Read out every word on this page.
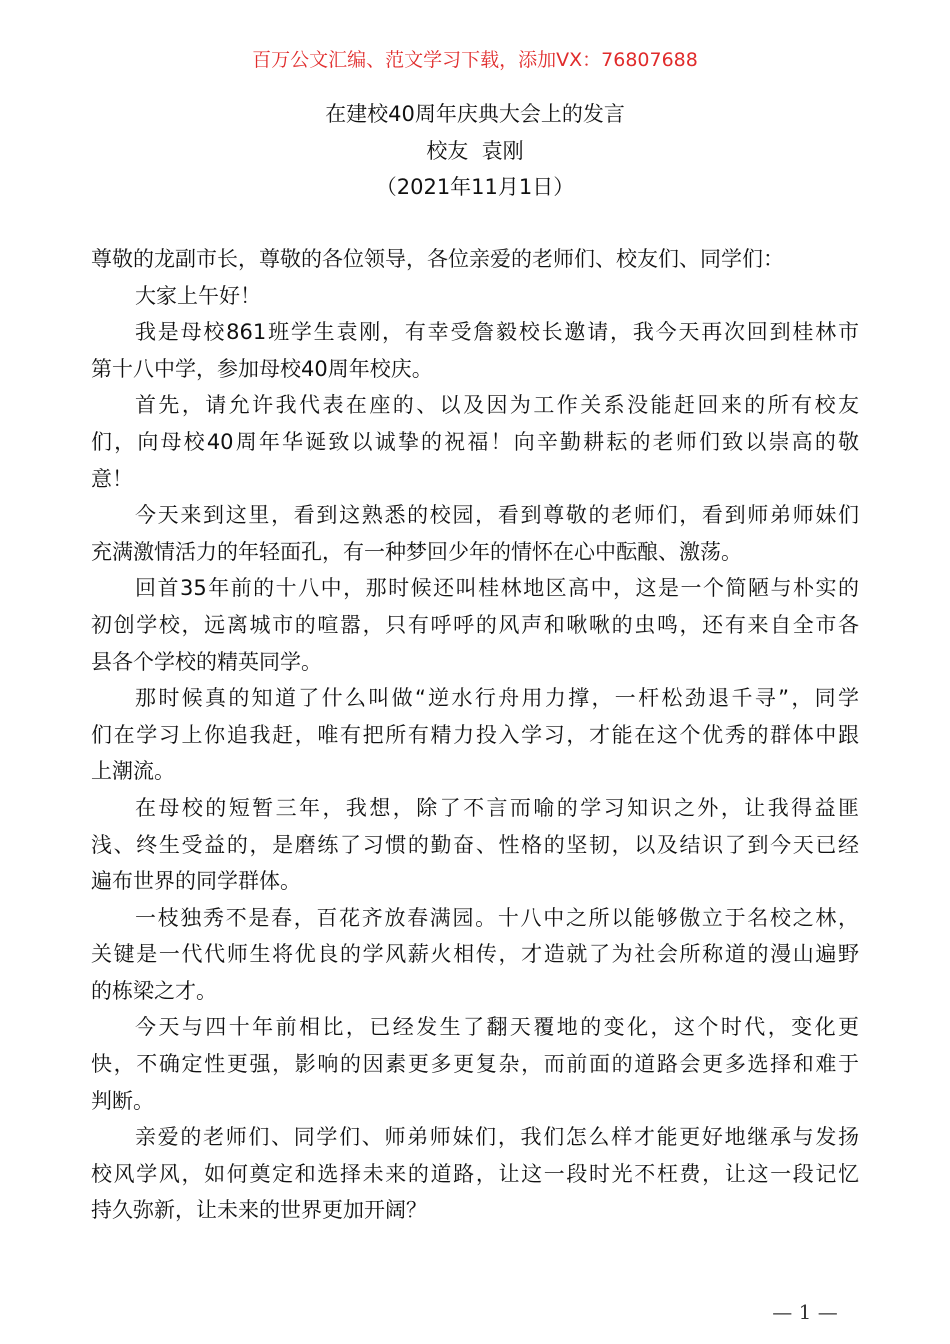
百万公文汇编、范文学习下载，添加VX：76807688
在建校40周年庆典大会上的发言
校友  袁刚
（2021年11月1日）
尊敬的龙副市长，尊敬的各位领导，各位亲爱的老师们、校友们、同学们：
大家上午好！
我是母校861班学生袁刚，有幸受詹毅校长邀请，我今天再次回到桂林市
第十八中学，参加母校40周年校庆。
首先，请允许我代表在座的、以及因为工作关系没能赶回来的所有校友
们，向母校40周年华诞致以诚挚的祝福！向辛勤耕耘的老师们致以崇高的敬
意！
今天来到这里，看到这熟悉的校园，看到尊敬的老师们，看到师弟师妹们
充满激情活力的年轻面孔，有一种梦回少年的情怀在心中酝酿、激荡。
回首35年前的十八中，那时候还叫桂林地区高中，这是一个简陋与朴实的
初创学校，远离城市的喧嚣，只有呼呼的风声和啾啾的虫鸣，还有来自全市各
县各个学校的精英同学。
那时候真的知道了什么叫做“逆水行舟用力撑，一杆松劲退千寻”，同学
们在学习上你追我赶，唯有把所有精力投入学习，才能在这个优秀的群体中跟
上潮流。
在母校的短暂三年，我想，除了不言而喻的学习知识之外，让我得益匪
浅、终生受益的，是磨练了习惯的勤奋、性格的坚韧，以及结识了到今天已经
遍布世界的同学群体。
一枝独秀不是春，百花齐放春满园。十八中之所以能够傲立于名校之林，
关键是一代代师生将优良的学风薪火相传，才造就了为社会所称道的漫山遍野
的栋梁之才。
今天与四十年前相比，已经发生了翻天覆地的变化，这个时代，变化更
快，不确定性更强，影响的因素更多更复杂，而前面的道路会更多选择和难于
判断。
亲爱的老师们、同学们、师弟师妹们，我们怎么样才能更好地继承与发扬
校风学风，如何奠定和选择未来的道路，让这一段时光不枉费，让这一段记忆
持久弥新，让未来的世界更加开阔？
— 1 —
